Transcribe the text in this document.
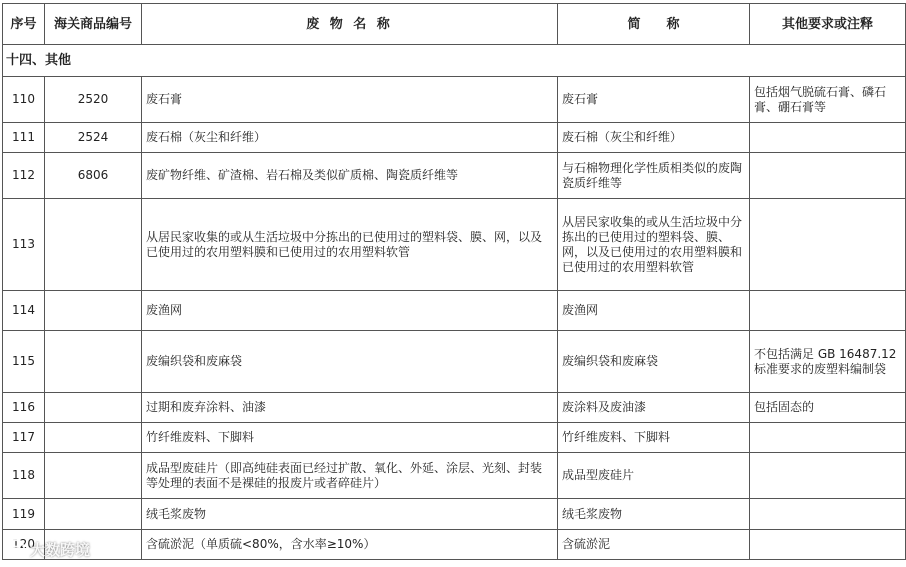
序号	海关商品编号	废 物 名 称	简　　称	其他要求或注释
十四、其他				
110	2520	废石膏	废石膏	包括烟气脱硫石膏、磷石膏、硼石膏等
111	2524	废石棉（灰尘和纤维）	废石棉（灰尘和纤维）	
112	6806	废矿物纤维、矿渣棉、岩石棉及类似矿质棉、陶瓷质纤维等	与石棉物理化学性质相类似的废陶瓷质纤维等	
113		从居民家收集的或从生活垃圾中分拣出的已使用过的塑料袋、膜、网，以及已使用过的农用塑料膜和已使用过的农用塑料软管	从居民家收集的或从生活垃圾中分拣出的已使用过的塑料袋、膜、网，以及已使用过的农用塑料膜和已使用过的农用塑料软管	
114		废渔网	废渔网	
115		废编织袋和废麻袋	废编织袋和废麻袋	不包括满足 GB 16487.12 标准要求的废塑料编制袋
116		过期和废弃涂料、油漆	废涂料及废油漆	包括固态的
117		竹纤维废料、下脚料	竹纤维废料、下脚料	
118		成品型废硅片（即高纯硅表面已经过扩散、氧化、外延、涂层、光刻、封装等处理的表面不是裸硅的报废片或者碎硅片）	成品型废硅片	
119		绒毛浆废物	绒毛浆废物	
120		含硫淤泥（单质硫<80%，含水率≥10%）	含硫淤泥	
大数跨境
